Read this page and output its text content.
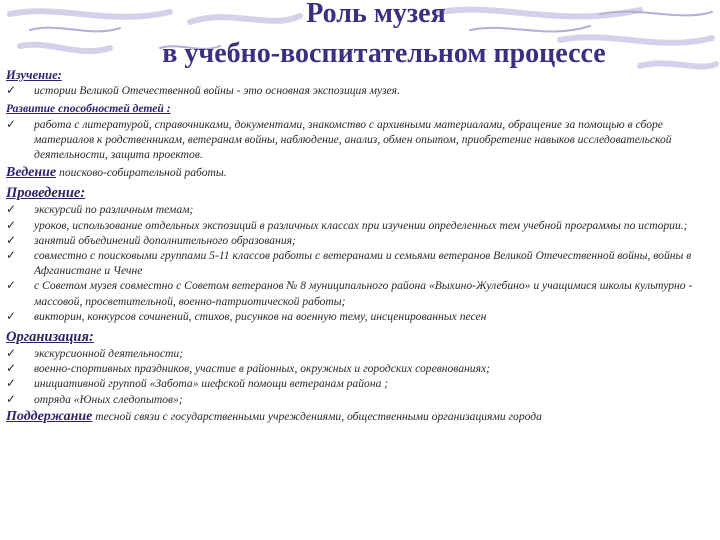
Роль музея
в учебно-воспитательном процессе
Изучение:
✓	истории Великой Отечественной войны - это основная экспозиция музея.
Развитие способностей детей :
✓	работа с литературой, справочниками, документами, знакомство с архивными материалами, обращение за помощью в сборе материалов к родственникам, ветеранам войны, наблюдение, анализ, обмен опытом, приобретение навыков исследовательской деятельности, защита проектов.
Ведение поисково-собирательной работы.
Проведение:
✓	экскурсий по различным темам;
✓	уроков, использование отдельных экспозиций в различных классах при изучении определенных тем учебной программы по истории.;
✓	занятий объединений дополнительного образования;
✓	совместно с поисковыми группами 5-11 классов работы с ветеранами и семьями ветеранов Великой Отечественной войны, войны в Афганистане и Чечне
✓	с Советом музея совместно с Советом ветеранов № 8 муниципального района «Выхино-Жулебино» и учащимися школы культурно - массовой, просветительной, военно-патриотической работы;
✓	викторин, конкурсов сочинений, стихов, рисунков на военную тему, инсценированных песен
Организация:
✓	экскурсионной деятельности;
✓	военно-спортивных праздников, участие в районных, окружных и городских соревнованиях;
✓	инициативной группой «Забота» шефской помощи ветеранам района ;
✓	отряда «Юных следопытов»;
Поддержание тесной связи с государственными учреждениями, общественными организациями города
